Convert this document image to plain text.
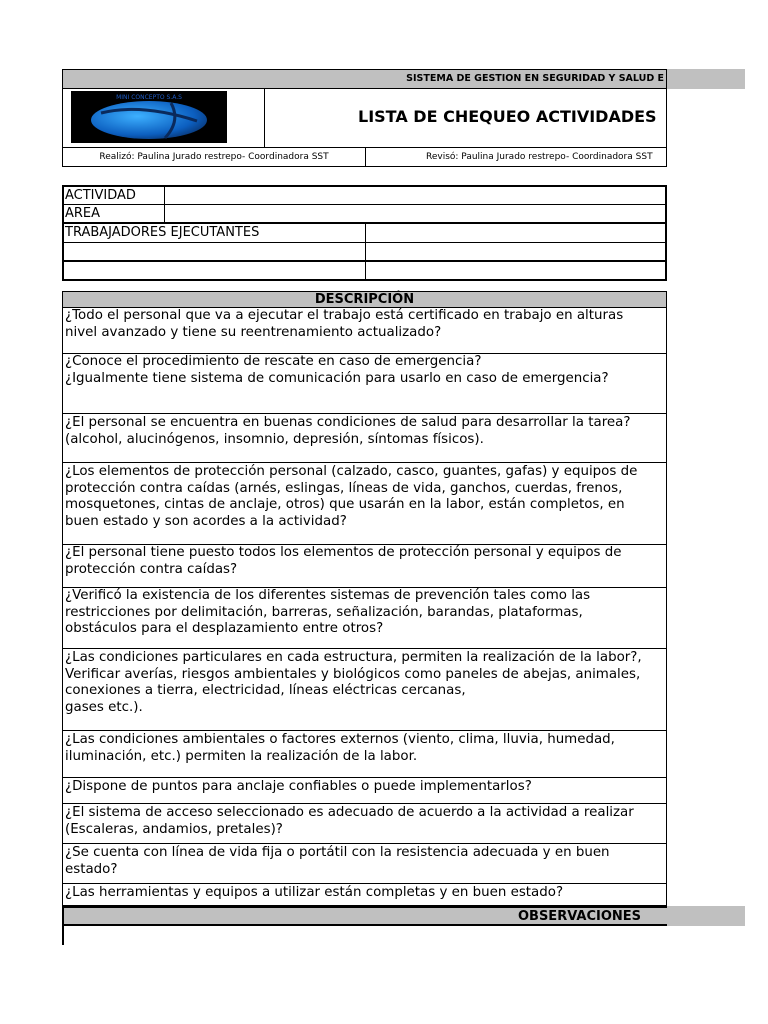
SISTEMA DE GESTION EN SEGURIDAD Y SALUD E
MINI CONCEPTO S.A.S
LISTA DE CHEQUEO ACTIVIDADES
Realizó: Paulina Jurado restrepo- Coordinadora SST	Revisó: Paulina Jurado restrepo- Coordinadora SST
ACTIVIDAD
AREA
TRABAJADORES EJECUTANTES
DESCRIPCIÓN

¿Todo el personal que va a ejecutar el trabajo está certificado en trabajo en alturas

nivel avanzado y tiene su reentrenamiento actualizado?

¿Conoce el procedimiento de rescate en caso de emergencia?

¿Igualmente tiene sistema de comunicación para usarlo en caso de emergencia?

¿El personal se encuentra en buenas condiciones de salud para desarrollar la tarea?

(alcohol, alucinógenos, insomnio, depresión, síntomas físicos).

¿Los elementos de protección personal (calzado, casco, guantes, gafas) y equipos de

protección contra caídas (arnés, eslingas, líneas de vida, ganchos, cuerdas, frenos,

mosquetones, cintas de anclaje, otros) que usarán en la labor, están completos, en

buen estado y son acordes a la actividad?

¿El personal tiene puesto todos los elementos de protección personal y equipos de

protección contra caídas?

¿Verificó la existencia de los diferentes sistemas de prevención tales como las

restricciones por delimitación, barreras, señalización, barandas, plataformas,

obstáculos para el desplazamiento entre otros?

¿Las condiciones particulares en cada estructura, permiten la realización de la labor?,

Verificar averías, riesgos ambientales y biológicos como paneles de abejas, animales,

conexiones a tierra, electricidad, líneas eléctricas cercanas,

gases etc.).

¿Las condiciones ambientales o factores externos (viento, clima, lluvia, humedad,

iluminación, etc.) permiten la realización de la labor.

¿Dispone de puntos para anclaje confiables o puede implementarlos?

¿El sistema de acceso seleccionado es adecuado de acuerdo a la actividad a realizar

(Escaleras, andamios, pretales)?

¿Se cuenta con línea de vida fija o portátil con la resistencia adecuada y en buen

estado?

¿Las herramientas y equipos a utilizar están completas y en buen estado?

OBSERVACIONES
